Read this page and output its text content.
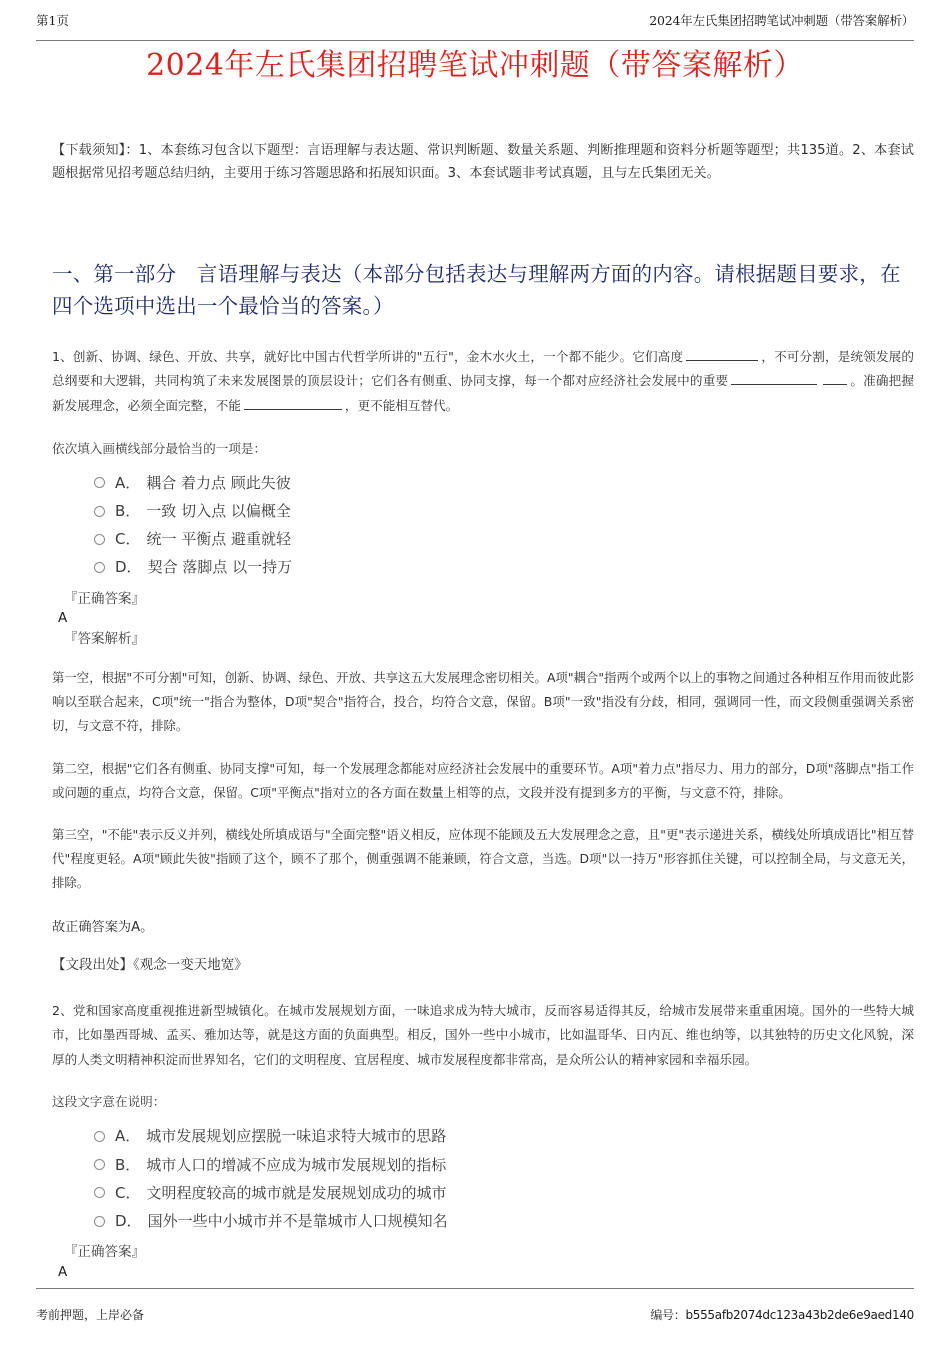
第1页	2024年左氏集团招聘笔试冲刺题（带答案解析）
2024年左氏集团招聘笔试冲刺题（带答案解析）

【下载须知】：1、本套练习包含以下题型：言语理解与表达题、常识判断题、数量关系题、判断推理题和资料分析题等题型；共135道。2、本套试题根据常见招考题总结归纳，主要用于练习答题思路和拓展知识面。3、本套试题非考试真题，且与左氏集团无关。

一、第一部分　言语理解与表达（本部分包括表达与理解两方面的内容。请根据题目要求，在四个选项中选出一个最恰当的答案。）
1、创新、协调、绿色、开放、共享，就好比中国古代哲学所讲的"五行"，金木水火土，一个都不能少。它们高度	，不可分割，是统领发展的总纲要和大逻辑，共同构筑了未来发展图景的顶层设计；它们各有侧重、协同支撑，每一个都对应经济社会发展中的重要	。准确把握新发展理念，必须全面完整，不能	，更不能相互替代。
依次填入画横线部分最恰当的一项是：
A． 耦合 着力点 顾此失彼
B． 一致 切入点 以偏概全
C． 统一 平衡点 避重就轻
D． 契合 落脚点 以一持万
『正确答案』
A
『答案解析』

第一空，根据"不可分割"可知，创新、协调、绿色、开放、共享这五大发展理念密切相关。A项"耦合"指两个或两个以上的事物之间通过各种相互作用而彼此影响以至联合起来，C项"统一"指合为整体，D项"契合"指符合，投合，均符合文意，保留。B项"一致"指没有分歧，相同，强调同一性，而文段侧重强调关系密切，与文意不符，排除。

第二空，根据"它们各有侧重、协同支撑"可知，每一个发展理念都能对应经济社会发展中的重要环节。A项"着力点"指尽力、用力的部分，D项"落脚点"指工作或问题的重点，均符合文意，保留。C项"平衡点"指对立的各方面在数量上相等的点，文段并没有提到多方的平衡，与文意不符，排除。

第三空，"不能"表示反义并列，横线处所填成语与"全面完整"语义相反，应体现不能顾及五大发展理念之意，且"更"表示递进关系，横线处所填成语比"相互替代"程度更轻。A项"顾此失彼"指顾了这个，顾不了那个，侧重强调不能兼顾，符合文意，当选。D项"以一持万"形容抓住关键，可以控制全局，与文意无关，排除。

故正确答案为A。
【文段出处】《观念一变天地宽》

2、党和国家高度重视推进新型城镇化。在城市发展规划方面，一味追求成为特大城市，反而容易适得其反，给城市发展带来重重困境。国外的一些特大城市，比如墨西哥城、孟买、雅加达等，就是这方面的负面典型。相反，国外一些中小城市，比如温哥华、日内瓦、维也纳等，以其独特的历史文化风貌，深厚的人类文明精神积淀而世界知名，它们的文明程度、宜居程度、城市发展程度都非常高，是众所公认的精神家园和幸福乐园。

这段文字意在说明：
A． 城市发展规划应摆脱一味追求特大城市的思路
B． 城市人口的增减不应成为城市发展规划的指标
C． 文明程度较高的城市就是发展规划成功的城市
D． 国外一些中小城市并不是靠城市人口规模知名
『正确答案』
A
考前押题，上岸必备	编号：b555afb2074dc123a43b2de6e9aed140
